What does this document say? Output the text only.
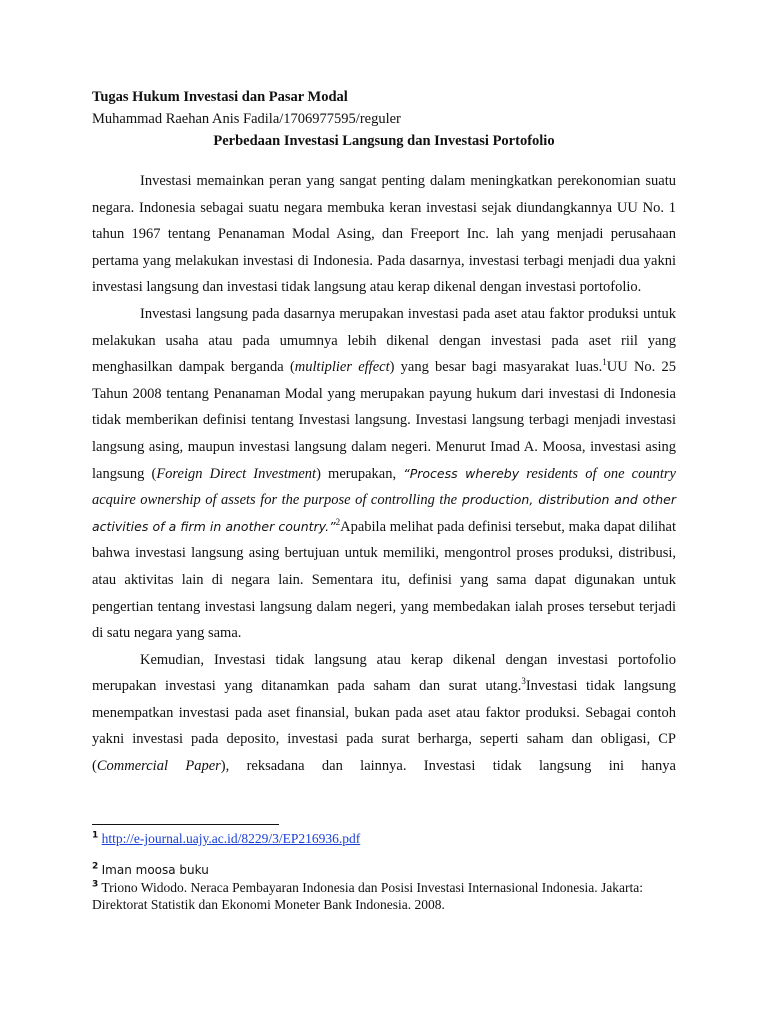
Tugas Hukum Investasi dan Pasar Modal
Muhammad Raehan Anis Fadila/1706977595/reguler
Perbedaan Investasi Langsung dan Investasi Portofolio

Investasi memainkan peran yang sangat penting dalam meningkatkan perekonomian suatu negara. Indonesia sebagai suatu negara membuka keran investasi sejak diundangkannya UU No. 1 tahun 1967 tentang Penanaman Modal Asing, dan Freeport Inc. lah yang menjadi perusahaan pertama yang melakukan investasi di Indonesia. Pada dasarnya, investasi terbagi menjadi dua yakni investasi langsung dan investasi tidak langsung atau kerap dikenal dengan investasi portofolio.

Investasi langsung pada dasarnya merupakan investasi pada aset atau faktor produksi untuk melakukan usaha atau pada umumnya lebih dikenal dengan investasi pada aset riil yang menghasilkan dampak berganda (multiplier effect) yang besar bagi masyarakat luas.$^1$UU No. 25 Tahun 2008 tentang Penanaman Modal yang merupakan payung hukum dari investasi di Indonesia tidak memberikan definisi tentang Investasi langsung. Investasi langsung terbagi menjadi investasi langsung asing, maupun investasi langsung dalam negeri. Menurut Imad A. Moosa, investasi asing langsung (Foreign Direct Investment) merupakan, “Process whereby residents of one country acquire ownership of assets for the purpose of controlling the production, distribution and other activities of a firm in another country.”$^2$Apabila melihat pada definisi tersebut, maka dapat dilihat bahwa investasi langsung asing bertujuan untuk memiliki, mengontrol proses produksi, distribusi, atau aktivitas lain di negara lain. Sementara itu, definisi yang sama dapat digunakan untuk pengertian tentang investasi langsung dalam negeri, yang membedakan ialah proses tersebut terjadi di satu negara yang sama.

Kemudian, Investasi tidak langsung atau kerap dikenal dengan investasi portofolio merupakan investasi yang ditanamkan pada saham dan surat utang.$^3$Investasi tidak langsung menempatkan investasi pada aset finansial, bukan pada aset atau faktor produksi. Sebagai contoh yakni investasi pada deposito, investasi pada surat berharga, seperti saham dan obligasi, CP (Commercial Paper), reksadana dan lainnya. Investasi tidak langsung ini hanya

$^1$ http://e-journal.uajy.ac.id/8229/3/EP216936.pdf
$^2$ Iman moosa buku
$^3$ Triono Widodo. Neraca Pembayaran Indonesia dan Posisi Investasi Internasional Indonesia. Jakarta: Direktorat Statistik dan Ekonomi Moneter Bank Indonesia. 2008.
